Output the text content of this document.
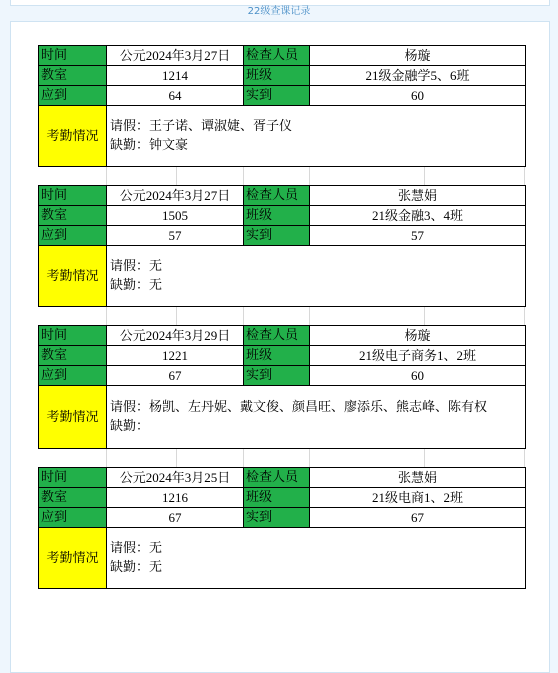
22级查课记录
时间	公元2024年3月27日	检查人员	杨璇
教室	1214	班级	21级金融学5、6班
应到	64	实到	60
考勤情况	请假：王子诺、谭淑婕、胥子仪
缺勤：钟文豪		
时间	公元2024年3月27日	检查人员	张慧娟
教室	1505	班级	21级金融3、4班
应到	57	实到	57
考勤情况	请假：无
缺勤：无		
时间	公元2024年3月29日	检查人员	杨璇
教室	1221	班级	21级电子商务1、2班
应到	67	实到	60
考勤情况	请假：杨凯、左丹妮、戴文俊、颜昌旺、廖添乐、熊志峰、陈有权
缺勤：		
时间	公元2024年3月25日	检查人员	张慧娟
教室	1216	班级	21级电商1、2班
应到	67	实到	67
考勤情况	请假：无
缺勤：无		
